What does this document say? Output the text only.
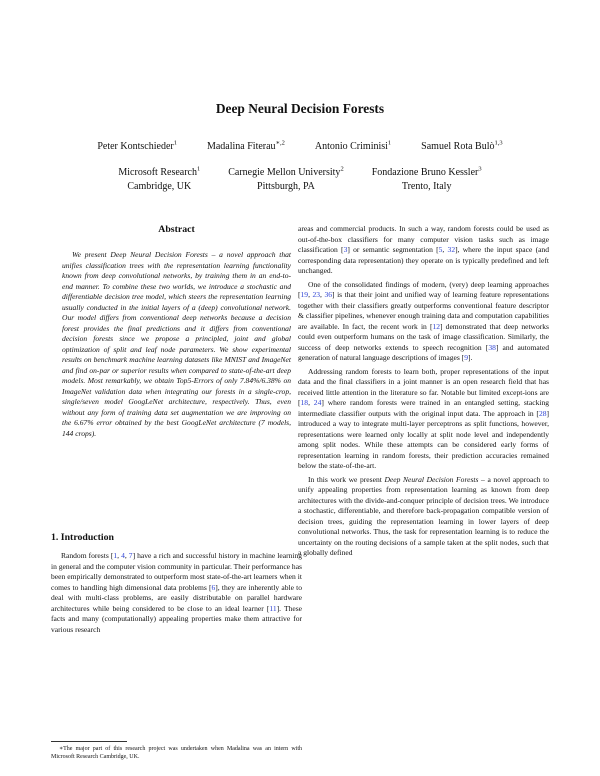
Deep Neural Decision Forests
Peter Kontschieder$^1$	Madalina Fiterau$^{∗,2}$	Antonio Criminisi$^1$	Samuel Rota Bulò$^{1,3}$
Microsoft Research$^1$
Cambridge, UK
Carnegie Mellon University$^2$
Pittsburgh, PA
Fondazione Bruno Kessler$^3$
Trento, Italy
Abstract

We present Deep Neural Decision Forests – a novel approach that unifies classification trees with the representation learning functionality known from deep convolutional networks, by training them in an end-to-end manner. To combine these two worlds, we introduce a stochastic and differentiable decision tree model, which steers the representation learning usually conducted in the initial layers of a (deep) convolutional network. Our model differs from conventional deep networks because a decision forest provides the final predictions and it differs from conventional decision forests since we propose a principled, joint and global optimization of split and leaf node parameters. We show experimental results on benchmark machine learning datasets like MNIST and ImageNet and find on-par or superior results when compared to state-of-the-art deep models. Most remarkably, we obtain Top5-Errors of only 7.84%/6.38% on ImageNet validation data when integrating our forests in a single-crop, single/seven model GoogLeNet architecture, respectively. Thus, even without any form of training data set augmentation we are improving on the 6.67% error obtained by the best GoogLeNet architecture (7 models, 144 crops).

1. Introduction

Random forests [1, 4, 7] have a rich and successful history in machine learning in general and the computer vision community in particular. Their performance has been empirically demonstrated to outperform most state-of-the-art learners when it comes to handling high dimensional data problems [6], they are inherently able to deal with multi-class problems, are easily distributable on parallel hardware architectures while being considered to be close to an ideal learner [11]. These facts and many (computationally) appealing properties make them attractive for various research

∗The major part of this research project was undertaken when Madalina was an intern with Microsoft Research Cambridge, UK.

areas and commercial products. In such a way, random forests could be used as out-of-the-box classifiers for many computer vision tasks such as image classification [3] or semantic segmentation [5, 32], where the input space (and corresponding data representation) they operate on is typically predefined and left unchanged.

One of the consolidated findings of modern, (very) deep learning approaches [19, 23, 36] is that their joint and unified way of learning feature representations together with their classifiers greatly outperforms conventional feature descriptor & classifier pipelines, whenever enough training data and computation capabilities are available. In fact, the recent work in [12] demonstrated that deep networks could even outperform humans on the task of image classification. Similarly, the success of deep networks extends to speech recognition [38] and automated generation of natural language descriptions of images [9].

Addressing random forests to learn both, proper representations of the input data and the final classifiers in a joint manner is an open research field that has received little attention in the literature so far. Notable but limited except-ions are [18, 24] where random forests were trained in an entangled setting, stacking intermediate classifier outputs with the original input data. The approach in [28] introduced a way to integrate multi-layer perceptrons as split functions, however, representations were learned only locally at split node level and independently among split nodes. While these attempts can be considered early forms of representation learning in random forests, their prediction accuracies remained below the state-of-the-art.

In this work we present Deep Neural Decision Forests – a novel approach to unify appealing properties from representation learning as known from deep architectures with the divide-and-conquer principle of decision trees. We introduce a stochastic, differentiable, and therefore back-propagation compatible version of decision trees, guiding the representation learning in lower layers of deep convolutional networks. Thus, the task for representation learning is to reduce the uncertainty on the routing decisions of a sample taken at the split nodes, such that a globally defined
